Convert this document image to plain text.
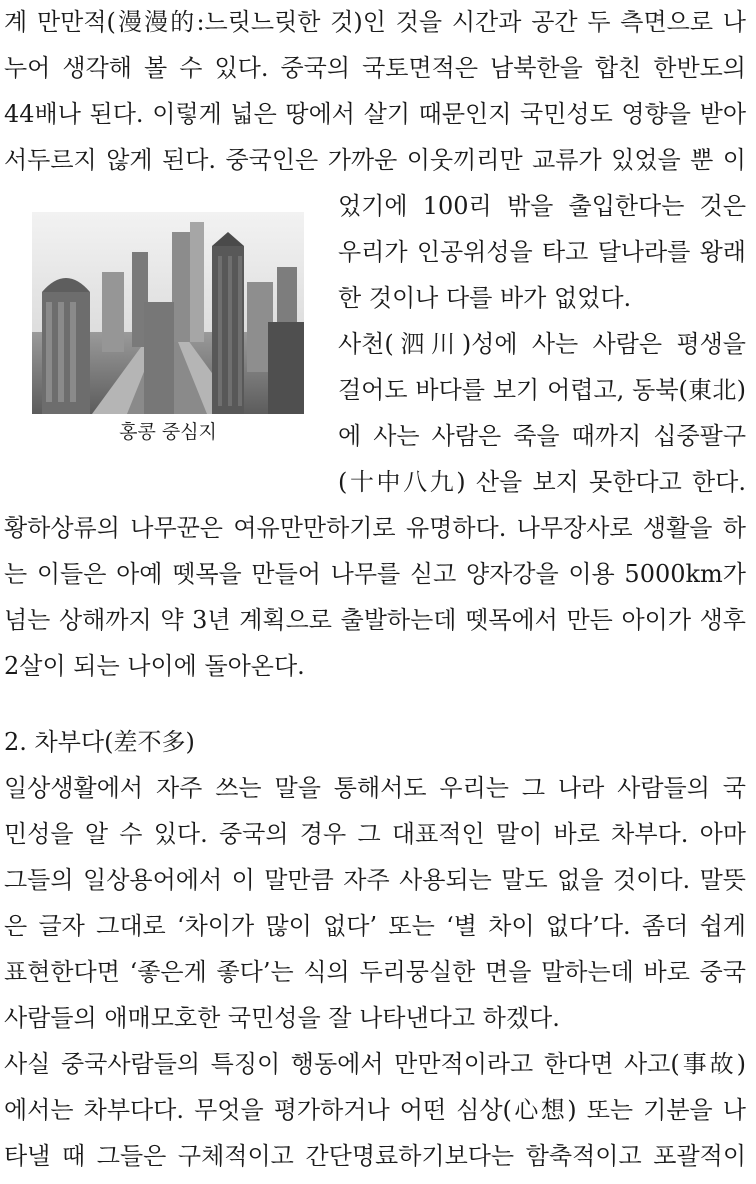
계 만만적(漫漫的:느릿느릿한 것)인 것을 시간과 공간 두 측면으로 나
누어 생각해 볼 수 있다. 중국의 국토면적은 남북한을 합친 한반도의
44배나 된다. 이렇게 넓은 땅에서 살기 때문인지 국민성도 영향을 받아
서두르지 않게 된다. 중국인은 가까운 이웃끼리만 교류가 있었을 뿐 이
홍콩 중심지
었기에 100리 밖을 출입한다는 것은
우리가 인공위성을 타고 달나라를 왕래
한 것이나 다를 바가 없었다.
사천(泗川)성에 사는 사람은 평생을
걸어도 바다를 보기 어렵고, 동북(東北)
에 사는 사람은 죽을 때까지 십중팔구
(十中八九) 산을 보지 못한다고 한다.
황하상류의 나무꾼은 여유만만하기로 유명하다. 나무장사로 생활을 하
는 이들은 아예 뗏목을 만들어 나무를 싣고 양자강을 이용 5000km가
넘는 상해까지 약 3년 계획으로 출발하는데 뗏목에서 만든 아이가 생후
2살이 되는 나이에 돌아온다.
2. 차부다(差不多)
일상생활에서 자주 쓰는 말을 통해서도 우리는 그 나라 사람들의 국
민성을 알 수 있다. 중국의 경우 그 대표적인 말이 바로 차부다. 아마
그들의 일상용어에서 이 말만큼 자주 사용되는 말도 없을 것이다. 말뜻
은 글자 그대로 ‘차이가 많이 없다’ 또는 ‘별 차이 없다’다. 좀더 쉽게
표현한다면 ‘좋은게 좋다’는 식의 두리뭉실한 면을 말하는데 바로 중국
사람들의 애매모호한 국민성을 잘 나타낸다고 하겠다.
사실 중국사람들의 특징이 행동에서 만만적이라고 한다면 사고(事故)
에서는 차부다다. 무엇을 평가하거나 어떤 심상(心想) 또는 기분을 나
타낼 때 그들은 구체적이고 간단명료하기보다는 함축적이고 포괄적이
